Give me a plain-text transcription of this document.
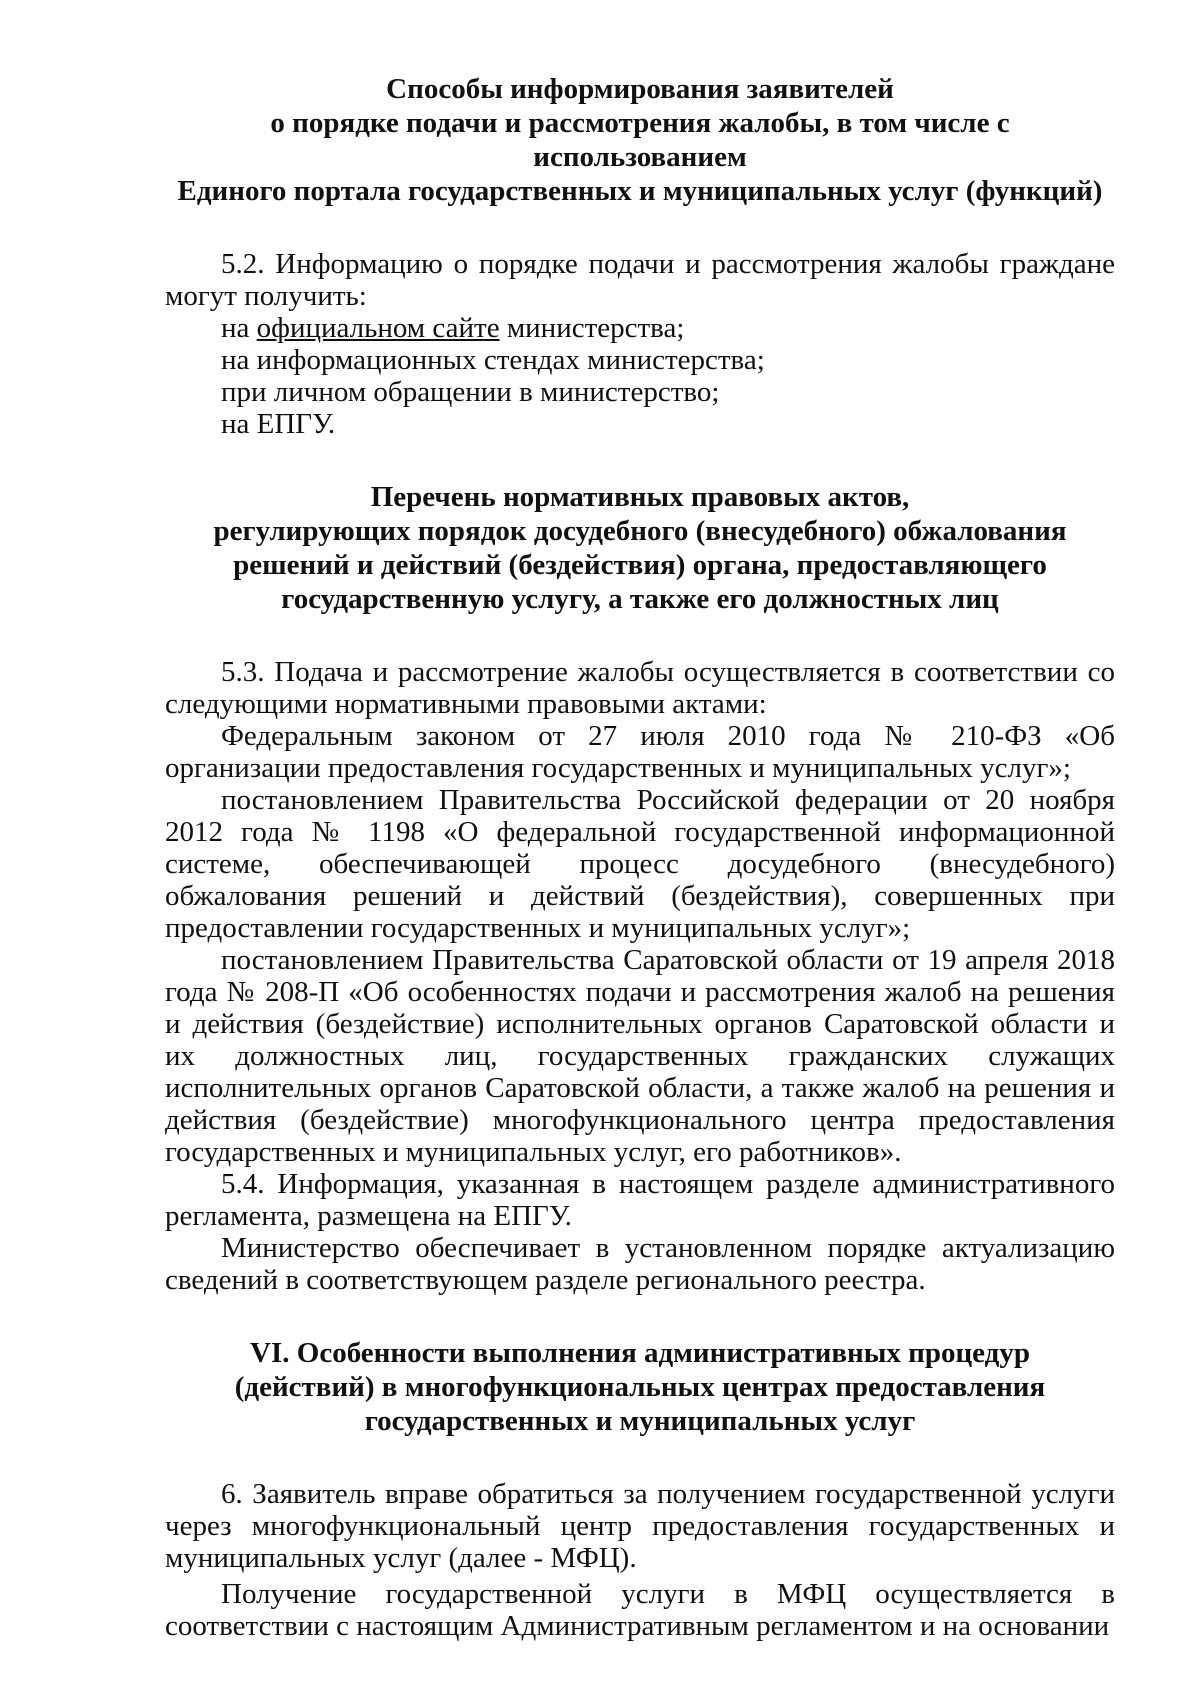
Способы информирования заявителей
о порядке подачи и рассмотрения жалобы, в том числе с использованием
Единого портала государственных и муниципальных услуг (функций)

5.2. Информацию о порядке подачи и рассмотрения жалобы граждане могут получить:

на официальном сайте министерства;

на информационных стендах министерства;

при личном обращении в министерство;

на ЕПГУ.

Перечень нормативных правовых актов,
регулирующих порядок досудебного (внесудебного) обжалования
решений и действий (бездействия) органа, предоставляющего
государственную услугу, а также его должностных лиц

5.3. Подача и рассмотрение жалобы осуществляется в соответствии со следующими нормативными правовыми актами:

Федеральным законом от 27 июля 2010 года № 210-ФЗ «Об организации предоставления государственных и муниципальных услуг»;

постановлением Правительства Российской федерации от 20 ноября 2012 года № 1198 «О федеральной государственной информационной системе, обеспечивающей процесс досудебного (внесудебного) обжалования решений и действий (бездействия), совершенных при предоставлении государственных и муниципальных услуг»;

постановлением Правительства Саратовской области от 19 апреля 2018 года № 208-П «Об особенностях подачи и рассмотрения жалоб на решения и действия (бездействие) исполнительных органов Саратовской области и их должностных лиц, государственных гражданских служащих исполнительных органов Саратовской области, а также жалоб на решения и действия (бездействие) многофункционального центра предоставления государственных и муниципальных услуг, его работников».

5.4. Информация, указанная в настоящем разделе административного регламента, размещена на ЕПГУ.

Министерство обеспечивает в установленном порядке актуализацию сведений в соответствующем разделе регионального реестра.

VI. Особенности выполнения административных процедур
(действий) в многофункциональных центрах предоставления
государственных и муниципальных услуг

6. Заявитель вправе обратиться за получением государственной услуги через многофункциональный центр предоставления государственных и муниципальных услуг (далее - МФЦ).

Получение государственной услуги в МФЦ осуществляется в соответствии с настоящим Административным регламентом и на основании
